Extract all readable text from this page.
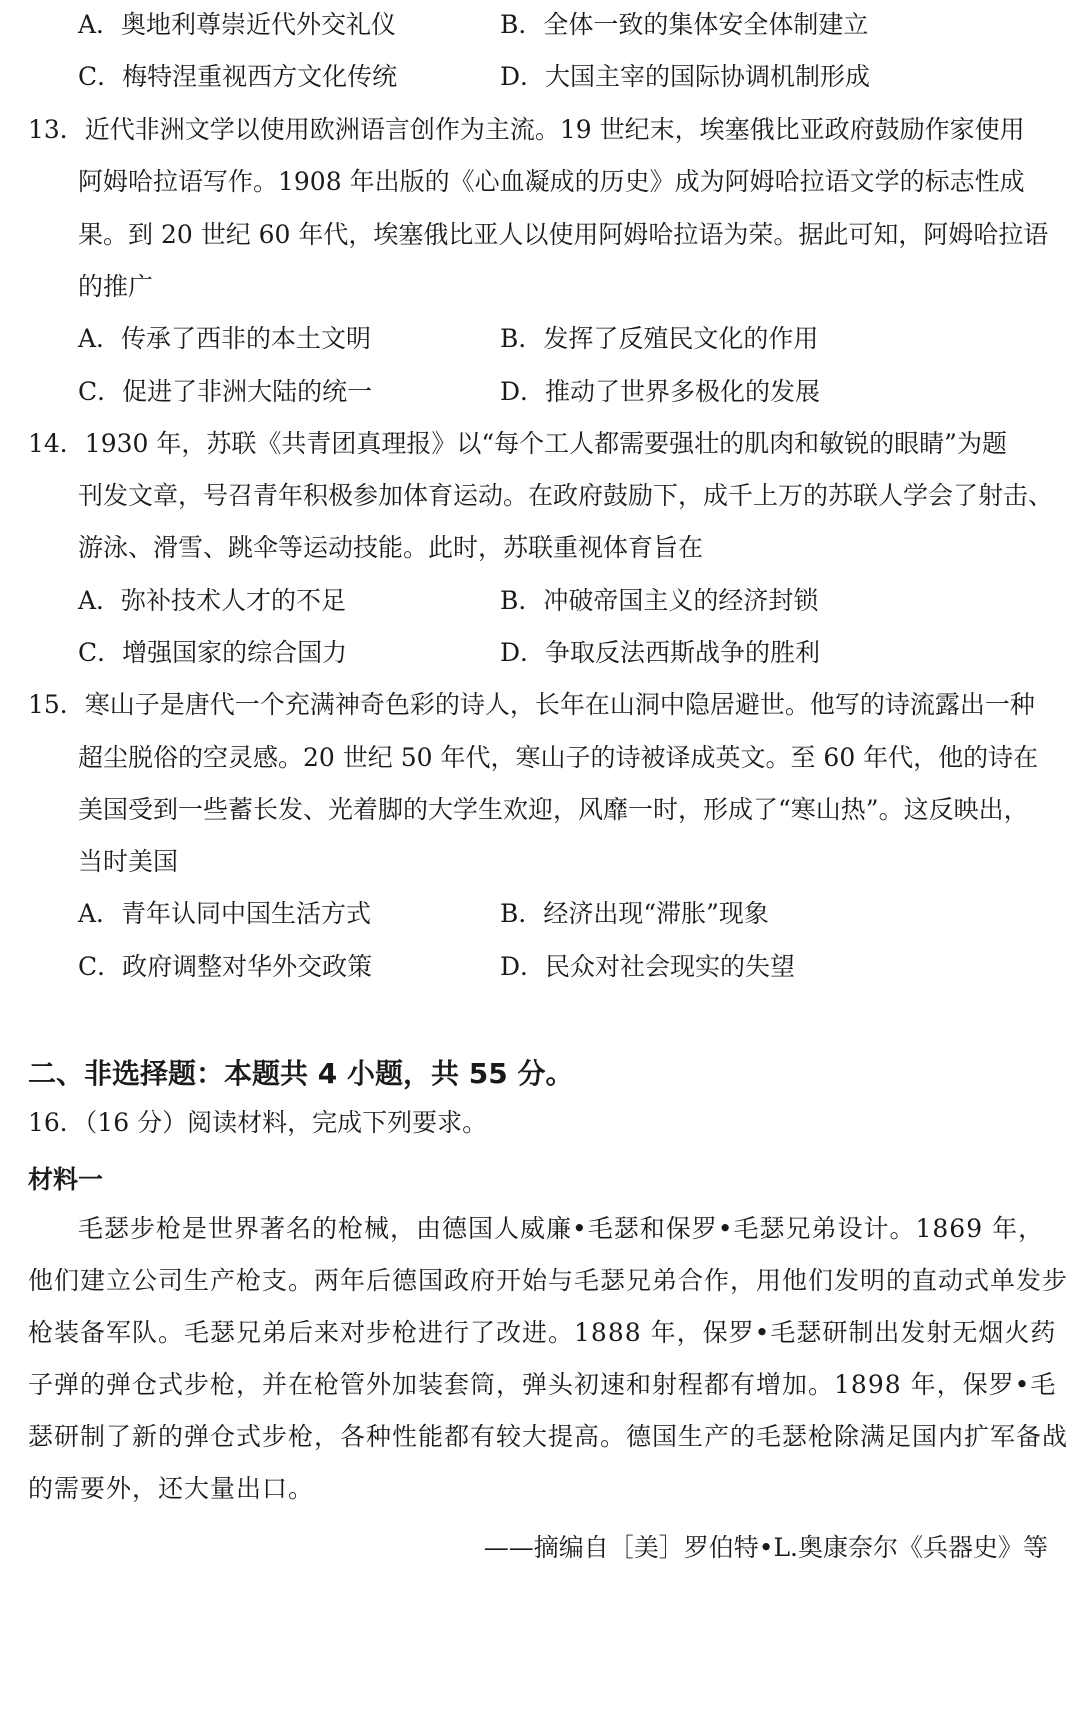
A．奥地利尊崇近代外交礼仪	B．全体一致的集体安全体制建立
C．梅特涅重视西方文化传统	D．大国主宰的国际协调机制形成
13．近代非洲文学以使用欧洲语言创作为主流。19 世纪末，埃塞俄比亚政府鼓励作家使用
阿姆哈拉语写作。1908 年出版的《心血凝成的历史》成为阿姆哈拉语文学的标志性成
果。到 20 世纪 60 年代，埃塞俄比亚人以使用阿姆哈拉语为荣。据此可知，阿姆哈拉语
的推广
A．传承了西非的本土文明	B．发挥了反殖民文化的作用
C．促进了非洲大陆的统一	D．推动了世界多极化的发展
14．1930 年，苏联《共青团真理报》以“每个工人都需要强壮的肌肉和敏锐的眼睛”为题
刊发文章，号召青年积极参加体育运动。在政府鼓励下，成千上万的苏联人学会了射击、
游泳、滑雪、跳伞等运动技能。此时，苏联重视体育旨在
A．弥补技术人才的不足	B．冲破帝国主义的经济封锁
C．增强国家的综合国力	D．争取反法西斯战争的胜利
15．寒山子是唐代一个充满神奇色彩的诗人，长年在山洞中隐居避世。他写的诗流露出一种
超尘脱俗的空灵感。20 世纪 50 年代，寒山子的诗被译成英文。至 60 年代，他的诗在
美国受到一些蓄长发、光着脚的大学生欢迎，风靡一时，形成了“寒山热”。这反映出，
当时美国
A．青年认同中国生活方式	B．经济出现“滞胀”现象
C．政府调整对华外交政策	D．民众对社会现实的失望
二、非选择题：本题共 4 小题，共 55 分。
16．（16 分）阅读材料，完成下列要求。
材料一
毛瑟步枪是世界著名的枪械，由德国人威廉•毛瑟和保罗•毛瑟兄弟设计。1869 年，
他们建立公司生产枪支。两年后德国政府开始与毛瑟兄弟合作，用他们发明的直动式单发步
枪装备军队。毛瑟兄弟后来对步枪进行了改进。1888 年，保罗•毛瑟研制出发射无烟火药
子弹的弹仓式步枪，并在枪管外加装套筒，弹头初速和射程都有增加。1898 年，保罗•毛
瑟研制了新的弹仓式步枪，各种性能都有较大提高。德国生产的毛瑟枪除满足国内扩军备战
的需要外，还大量出口。
——摘编自［美］罗伯特•L.奥康奈尔《兵器史》等
